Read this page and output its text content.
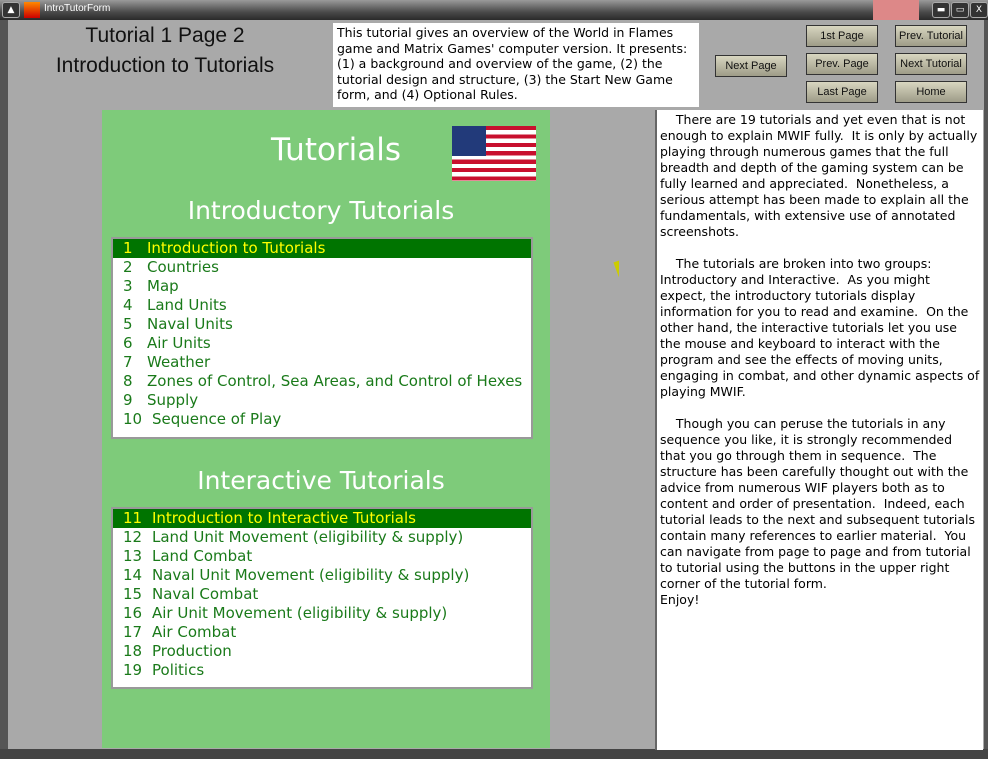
▲	IntroTutorForm	▬	▭	X
Tutorial 1 Page 2
Introduction to Tutorials
This tutorial gives an overview of the World in Flames game and Matrix Games' computer version. It presents: (1) a background and overview of the game, (2) the tutorial design and structure, (3) the Start New Game form, and (4) Optional Rules.
Next Page
1st Page
Prev. Page
Last Page
Prev. Tutorial
Next Tutorial
Home
Tutorials
Introductory Tutorials
1 Introduction to Tutorials
2 Countries
3 Map
4 Land Units
5 Naval Units
6 Air Units
7 Weather
8 Zones of Control, Sea Areas, and Control of Hexes
9 Supply
10 Sequence of Play
Interactive Tutorials
11 Introduction to Interactive Tutorials
12 Land Unit Movement (eligibility & supply)
13 Land Combat
14 Naval Unit Movement (eligibility & supply)
15 Naval Combat
16 Air Unit Movement (eligibility & supply)
17 Air Combat
18 Production
19 Politics
There are 19 tutorials and yet even that is not enough to explain MWIF fully.  It is only by actually playing through numerous games that the full breadth and depth of the gaming system can be fully learned and appreciated.  Nonetheless, a serious attempt has been made to explain all the fundamentals, with extensive use of annotated screenshots.

The tutorials are broken into two groups: Introductory and Interactive.  As you might expect, the introductory tutorials display information for you to read and examine.  On the other hand, the interactive tutorials let you use the mouse and keyboard to interact with the program and see the effects of moving units, engaging in combat, and other dynamic aspects of playing MWIF.

Though you can peruse the tutorials in any sequence you like, it is strongly recommended that you go through them in sequence.  The structure has been carefully thought out with the advice from numerous WIF players both as to content and order of presentation.  Indeed, each tutorial leads to the next and subsequent tutorials contain many references to earlier material.  You can navigate from page to page and from tutorial to tutorial using the buttons in the upper right corner of the tutorial form.
Enjoy!
